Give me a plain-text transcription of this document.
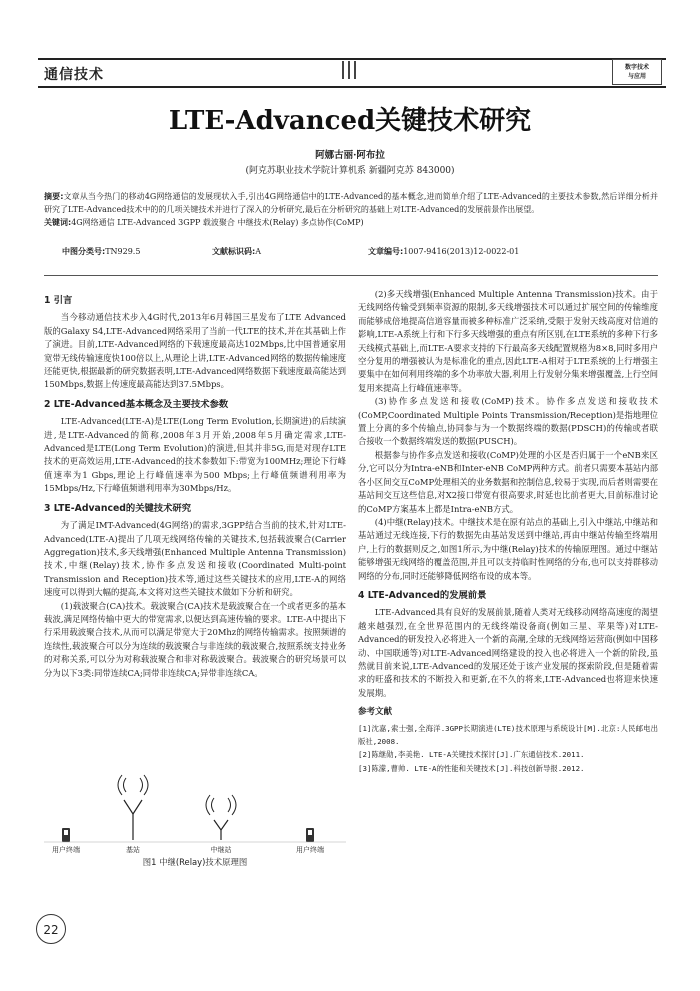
通信技术	数字技术
与应用
LTE-Advanced关键技术研究
阿娜古丽·阿布拉
(阿克苏职业技术学院计算机系 新疆阿克苏 843000)
摘要:文章从当今热门的移动4G网络通信的发展现状入手,引出4G网络通信中的LTE-Advanced的基本概念,进而简单介绍了LTE-Advanced的主要技术参数,然后详细分析并研究了LTE-Advanced技术中的的几项关键技术并进行了深入的分析研究,最后在分析研究的基础上对LTE-Advanced的发展前景作出展望。
关键词:4G网络通信 LTE-Advanced 3GPP 载波聚合 中继技术(Relay) 多点协作(CoMP)
中图分类号:TN929.5	文献标识码:A	文章编号:1007-9416(2013)12-0022-01
1 引言

当今移动通信技术步入4G时代,2013年6月韩国三星发布了LTE Advanced版的Galaxy S4,LTE-Advanced网络采用了当前一代LTE的技术,并在其基础上作了演进。目前,LTE-Advanced网络的下载速度最高达102Mbps,比中国普通家用宽带无线传输速度快100倍以上,从理论上讲,LTE-Advanced网络的数据传输速度还能更快,根据最新的研究数据表明,LTE-Advanced网络数据下载速度最高能达到150Mbps,数据上传速度最高能达到37.5Mbps。

2 LTE-Advanced基本概念及主要技术参数

LTE-Advanced(LTE-A)是LTE(Long Term Evolution,长期演进)的后续演进,是LTE-Advanced的简称,2008年3月开始,2008年5月确定需求,LTE-Advanced是LTE(Long Term Evolution)的演进,但其并非5G,而是对现存LTE技术的更高效运用,LTE-Advanced的技术参数如下:带宽为100MHz;理论下行峰值速率为1 Gbps,理论上行峰值速率为500 Mbps;上行峰值频谱利用率为15Mbps/Hz,下行峰值频谱利用率为30Mbps/Hz。

3 LTE-Advanced的关键技术研究

为了满足IMT-Advanced(4G网络)的需求,3GPP结合当前的技术,针对LTE-Advanced(LTE-A)提出了几项无线网络传输的关键技术,包括载波聚合(Carrier Aggregation)技术,多天线增强(Enhanced Multiple Antenna Transmission)技术,中继(Relay)技术,协作多点发送和接收(Coordinated Multi-point Transmission and Reception)技术等,通过这些关键技术的应用,LTE-A的网络速度可以得到大幅的提高,本文将对这些关键技术做如下分析和研究。

(1)载波聚合(CA)技术。载波聚合(CA)技术是载波聚合在一个或者更多的基本载波,满足网络传输中更大的带宽需求,以便达到高速传输的要求。LTE-A中提出下行采用载波聚合技术,从而可以满足带宽大于20Mhz的网络传输需求。按照频谱的连续性,载波聚合可以分为连续的载波聚合与非连续的载波聚合,按照系统支持业务的对称关系,可以分为对称载波聚合和非对称载波聚合。载波聚合的研究场景可以分为以下3类:同带连续CA;同带非连续CA;异带非连续CA。

用户终端	基站	中继站	用户终端
图1 中继(Relay)技术原理图

(2)多天线增强(Enhanced Multiple Antenna Transmission)技术。由于无线网络传输受到频率资源的限制,多天线增强技术可以通过扩展空间的传输维度而能够成倍地提高信道容量而被多种标准广泛采纳,受限于发射天线高度对信道的影响,LTE-A系统上行和下行多天线增强的重点有所区别,在LTE系统的多种下行多天线模式基础上,而LTE-A要求支持的下行最高多天线配置规格为8×8,同时多用户空分复用的增强被认为是标准化的重点,因此LTE-A相对于LTE系统的上行增强主要集中在如何利用终端的多个功率放大器,利用上行发射分集来增强覆盖,上行空间复用来提高上行峰值速率等。

(3)协作多点发送和接收(CoMP)技术。协作多点发送和接收技术(CoMP,Coordinated Multiple Points Transmission/Reception)是指地理位置上分离的多个传输点,协同参与为一个数据终端的数据(PDSCH)的传输或者联合接收一个数据终端发送的数据(PUSCH)。

根据参与协作多点发送和接收(CoMP)处理的小区是否归属于一个eNB来区分,它可以分为Intra-eNB和Inter-eNB CoMP两种方式。前者只需要本基站内部各小区间交互CoMP处理相关的业务数据和控制信息,较易于实现,而后者则需要在基站间交互这些信息,对X2接口带宽有很高要求,时延也比前者更大,目前标准讨论的CoMP方案基本上都是Intra-eNB方式。

(4)中继(Relay)技术。中继技术是在原有站点的基础上,引入中继站,中继站和基站通过无线连接,下行的数据先由基站发送到中继站,再由中继站传输至终端用户,上行的数据则反之,如图1所示,为中继(Relay)技术的传输原理图。通过中继站能够增强无线网络的覆盖范围,并且可以支持临时性网络的分布,也可以支持群移动网络的分布,同时还能够降低网络布设的成本等。

4 LTE-Advanced的发展前景

LTE-Advanced具有良好的发展前景,随着人类对无线移动网络高速度的渴望越来越强烈,在全世界范围内的无线终端设备商(例如三星、苹果等)对LTE-Advanced的研发投入必将进入一个新的高潮,全球的无线网络运营商(例如中国移动、中国联通等)对LTE-Advanced网络建设的投入也必将进入一个新的阶段,虽然就目前来说,LTE-Advanced的发展还处于该产业发展的探索阶段,但是随着需求的旺盛和技术的不断投入和更新,在不久的将来,LTE-Advanced也将迎来快速发展期。

参考文献

[1]沈嘉,索士强,全海洋.3GPP长期演进(LTE)技术原理与系统设计[M].北京:人民邮电出版社,2008.

[2]陈继勋,李美艳. LTE-A关键技术探讨[J].广东通信技术.2011.

[3]陈濛,曹帅. LTE-A的性能和关键技术[J].科技创新导报.2012.

22
